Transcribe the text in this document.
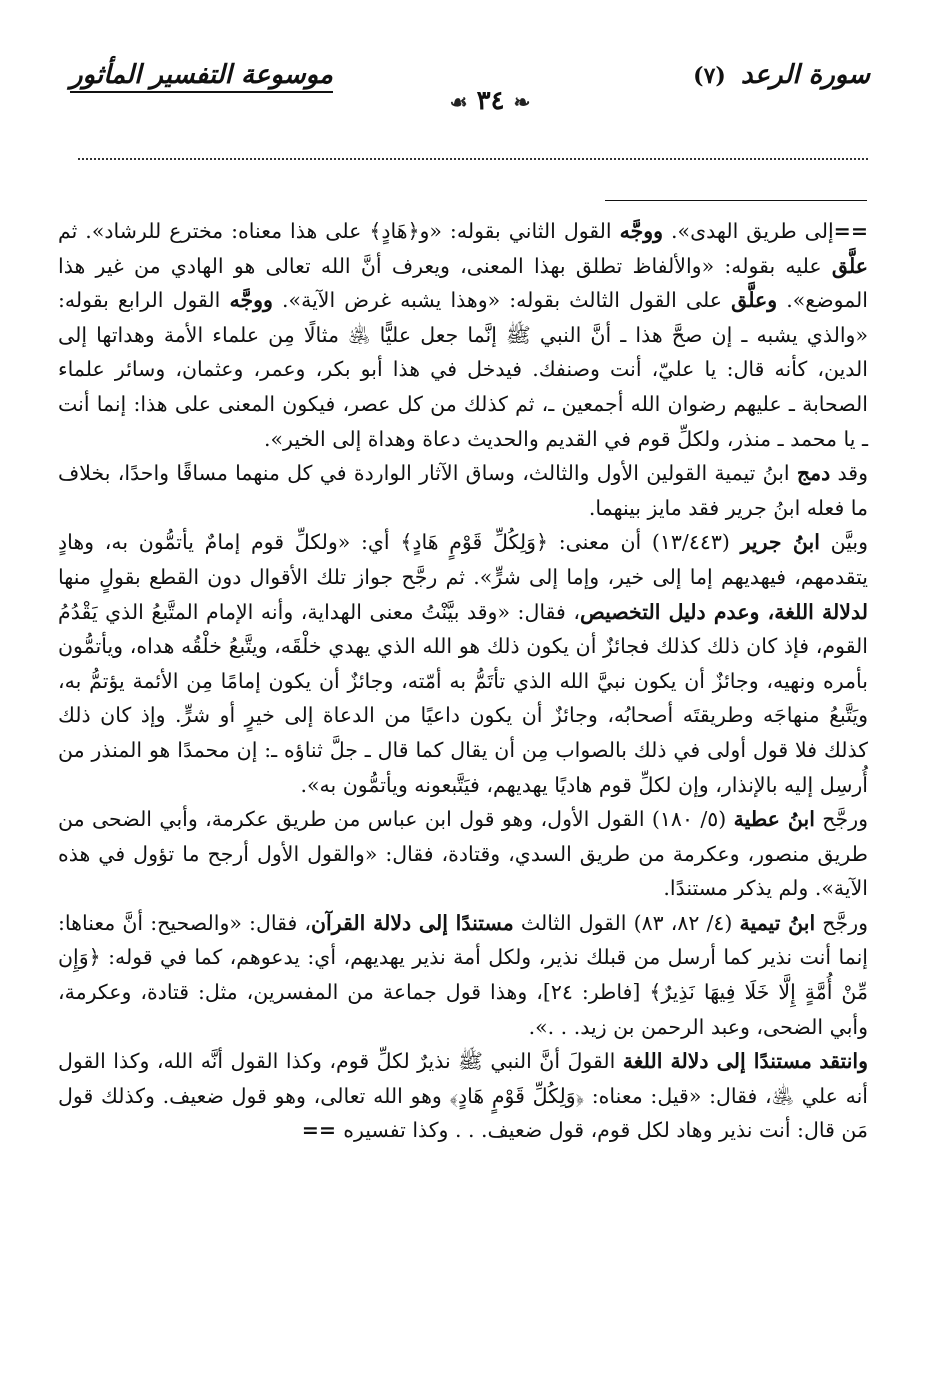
سورة الرعد (٧)
❧ ٣٤ ☙
موسوعة التفسير المأثور

==إلى طريق الهدى». ووجَّه القول الثاني بقوله: «و﴿هَادٍ﴾ على هذا معناه: مخترع للرشاد». ثم علَّق عليه بقوله: «والألفاظ تطلق بهذا المعنى، ويعرف أنَّ الله تعالى هو الهادي من غير هذا الموضع». وعلَّق على القول الثالث بقوله: «وهذا يشبه غرض الآية». ووجَّه القول الرابع بقوله: «والذي يشبه ـ إن صحَّ هذا ـ أنَّ النبي ﷺ إنَّما جعل عليًّا ﵁ مثالًا مِن علماء الأمة وهداتها إلى الدين، كأنه قال: يا عليّ، أنت وصنفك. فيدخل في هذا أبو بكر، وعمر، وعثمان، وسائر علماء الصحابة ـ عليهم رضوان الله أجمعين ـ، ثم كذلك من كل عصر، فيكون المعنى على هذا: إنما أنت ـ يا محمد ـ منذر، ولكلِّ قوم في القديم والحديث دعاة وهداة إلى الخير».

وقد دمج ابنُ تيمية القولين الأول والثالث، وساق الآثار الواردة في كل منهما مساقًا واحدًا، بخلاف ما فعله ابنُ جرير فقد مايز بينهما.

وبيَّن ابنُ جرير (١٣/٤٤٣) أن معنى: ﴿وَلِكُلِّ قَوْمٍ هَادٍ﴾ أي: «ولكلِّ قوم إمامٌ يأتمُّون به، وهادٍ يتقدمهم، فيهديهم إما إلى خير، وإما إلى شرٍّ». ثم رجَّح جواز تلك الأقوال دون القطع بقولٍ منها لدلالة اللغة، وعدم دليل التخصيص، فقال: «وقد بيَّنْتُ معنى الهداية، وأنه الإمام المتَّبعُ الذي يَقْدُمُ القوم، فإذ كان ذلك كذلك فجائزٌ أن يكون ذلك هو الله الذي يهدي خلْقَه، ويتَّبعُ خلْقُه هداه، ويأتمُّون بأمره ونهيه، وجائزٌ أن يكون نبيَّ الله الذي تأتَمُّ به أمّته، وجائزٌ أن يكون إمامًا مِن الأئمة يؤتمُّ به، ويَتَّبعُ منهاجَه وطريقتَه أصحابُه، وجائزٌ أن يكون داعيًا من الدعاة إلى خيرٍ أو شرٍّ. وإذ كان ذلك كذلك فلا قول أولى في ذلك بالصواب مِن أن يقال كما قال ـ جلَّ ثناؤه ـ: إن محمدًا هو المنذر من أُرسِل إليه بالإنذار، وإن لكلِّ قوم هاديًا يهديهم، فيَتَّبعونه ويأتمُّون به».

ورجَّح ابنُ عطية (٥/ ١٨٠) القول الأول، وهو قول ابن عباس من طريق عكرمة، وأبي الضحى من طريق منصور، وعكرمة من طريق السدي، وقتادة، فقال: «والقول الأول أرجح ما تؤول في هذه الآية». ولم يذكر مستندًا.

ورجَّح ابنُ تيمية (٤/ ٨٢، ٨٣) القول الثالث مستندًا إلى دلالة القرآن، فقال: «والصحيح: أنَّ معناها: إنما أنت نذير كما أرسل من قبلك نذير، ولكل أمة نذير يهديهم، أي: يدعوهم، كما في قوله: ﴿وَإِن مِّنْ أُمَّةٍ إِلَّا خَلَا فِيهَا نَذِيرٌ﴾ [فاطر: ٢٤]، وهذا قول جماعة من المفسرين، مثل: قتادة، وعكرمة، وأبي الضحى، وعبد الرحمن بن زيد. . .».

وانتقد مستندًا إلى دلالة اللغة القولَ أنَّ النبي ﷺ نذيرٌ لكلِّ قوم، وكذا القول أنَّه الله، وكذا القول أنه علي ﵁، فقال: «قيل: معناه: ﴿وَلِكُلِّ قَوْمٍ هَادٍ﴾ وهو الله تعالى، وهو قول ضعيف. وكذلك قول مَن قال: أنت نذير وهاد لكل قوم، قول ضعيف. . . وكذا تفسيره ==
